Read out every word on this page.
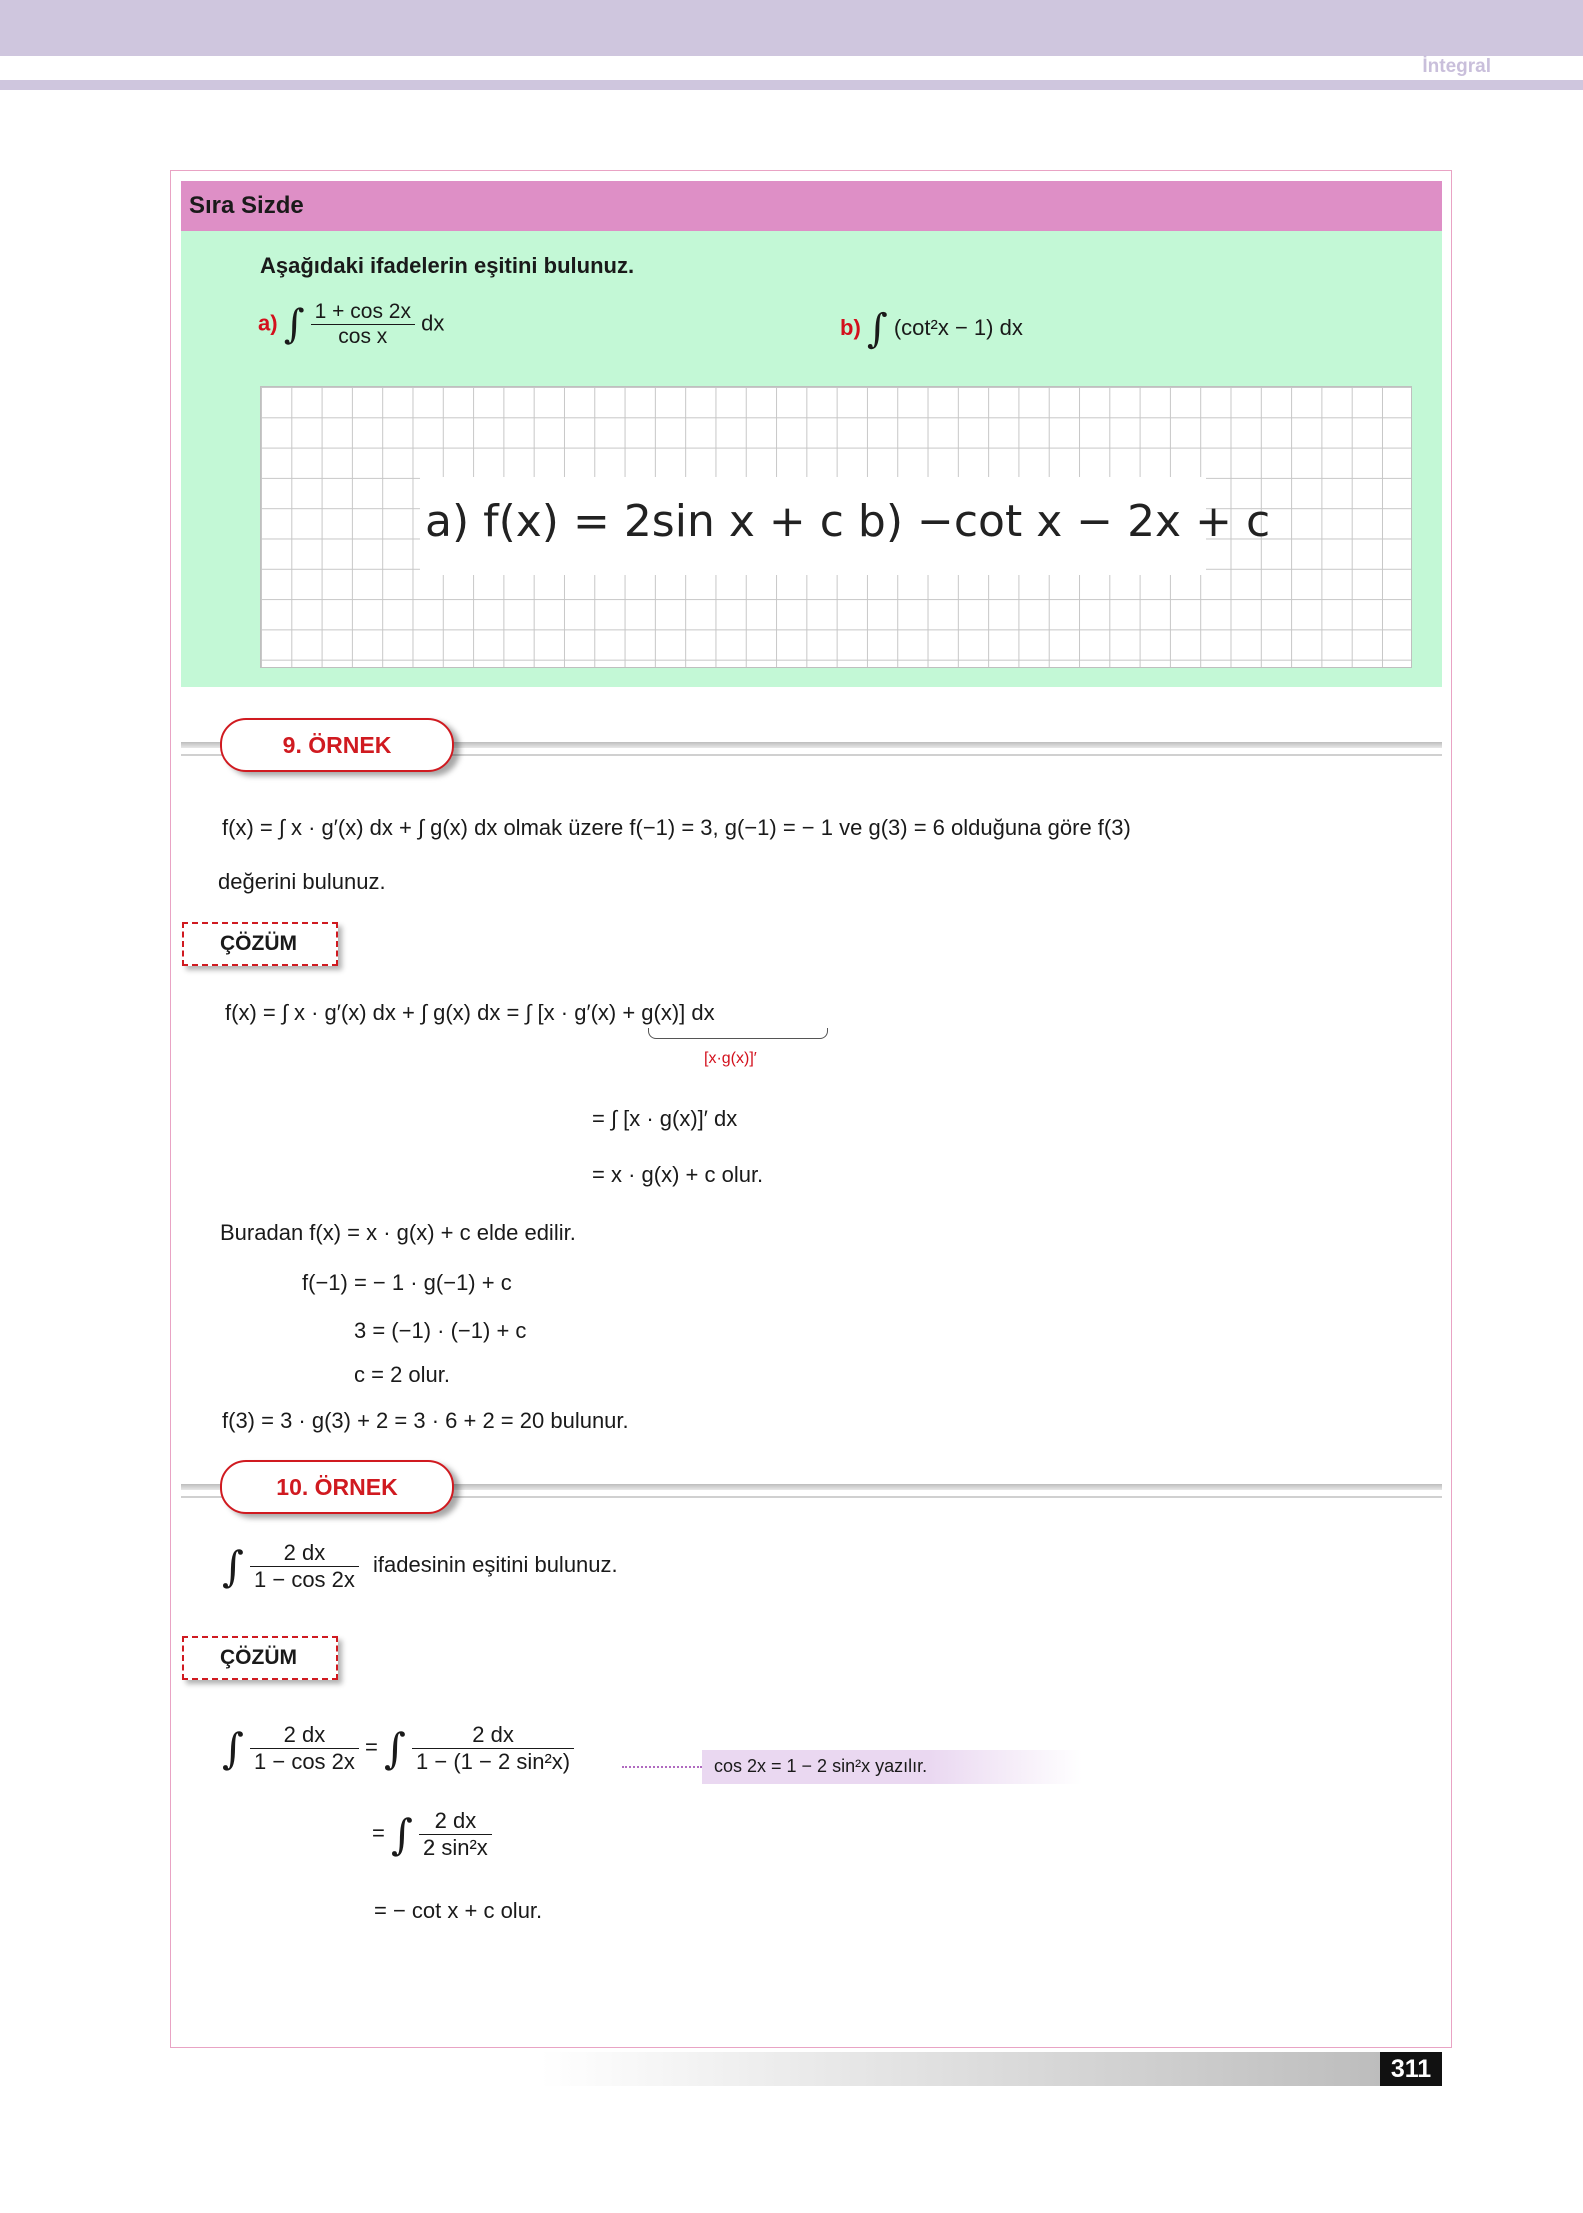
İntegral
Sıra Sizde
Aşağıdaki ifadelerin eşitini bulunuz.
a) ∫ $\frac{1 + \cos 2x}{\text{cos x}}$ dx	b) ∫ (cot²x − 1) dx
a) f(x) = 2sin x + c b) −cot x − 2x + c
9. ÖRNEK
f(x) = ∫ x · g′(x) dx + ∫ g(x) dx olmak üzere f(−1) = 3, g(−1) = − 1 ve g(3) = 6 olduğuna göre f(3)
değerini bulunuz.
ÇÖZÜM
f(x) = ∫ x · g′(x) dx + ∫ g(x) dx = ∫ [x · g′(x) + g(x)] dx
[x·g(x)]′
= ∫ [x · g(x)]′ dx
= x · g(x) + c olur.
Buradan f(x) = x · g(x) + c elde edilir.
f(−1) = − 1 · g(−1) + c
3 = (−1) · (−1) + c
c = 2 olur.
f(3) = 3 · g(3) + 2 = 3 · 6 + 2 = 20 bulunur.
10. ÖRNEK
∫ $\frac{2 dx}{1 - \cos 2x}$ ifadesinin eşitini bulunuz.
ÇÖZÜM
∫ $\frac{2 dx}{1 - \cos 2x}$ = ∫ $\frac{2 dx}{\text{1 − (1 − 2 sin²x)}}$	cos 2x = 1 − 2 sin²x yazılır.
= ∫ $\frac{2 dx}{\text{2 sin²x}}$
= − cot x + c olur.
311
